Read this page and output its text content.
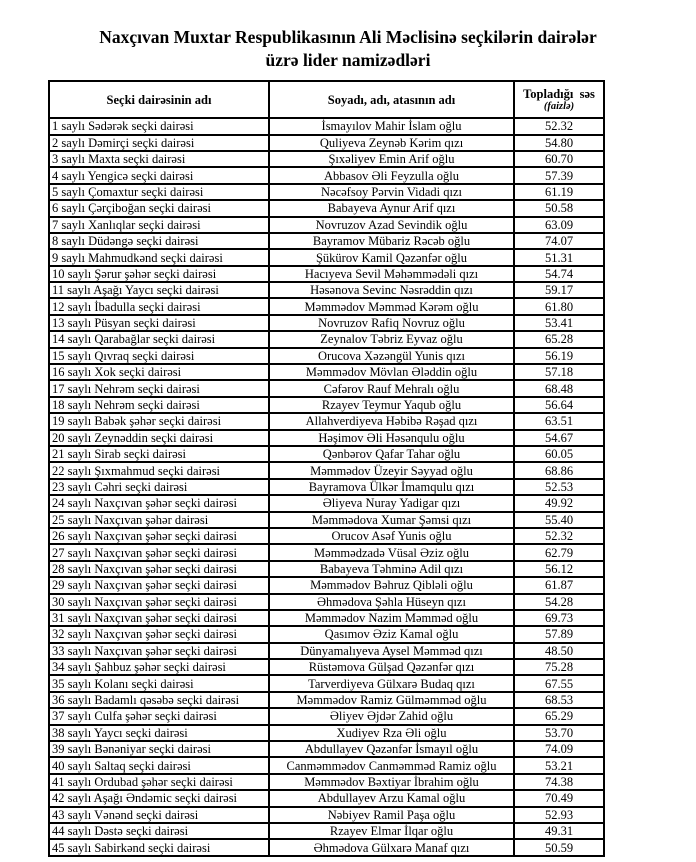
Naxçıvan Muxtar Respublikasının Ali Məclisinə seçkilərin dairələr üzrə lider namizədləri
Seçki dairəsinin adı	Soyadı, adı, atasının adı	Topladığı  səs
(faizlə)

1 saylı Sədərək seçki dairəsi	İsmayılov Mahir İslam oğlu	52.32
2 saylı Dəmirçi seçki dairəsi	Quliyeva Zeynəb Kərim qızı	54.80
3 saylı Maxta seçki dairəsi	Şıxəliyev Emin Arif oğlu	60.70
4 saylı Yengicə seçki dairəsi	Abbasov Əli Feyzulla oğlu	57.39
5 saylı Çomaxtur seçki dairəsi	Nəcəfsoy Pərvin Vidadi qızı	61.19
6 saylı Çərçiboğan seçki dairəsi	Babayeva Aynur Arif qızı	50.58
7 saylı Xanlıqlar seçki dairəsi	Novruzov Azad Sevindik oğlu	63.09
8 saylı Düdəngə seçki dairəsi	Bayramov Mübariz Rəcəb oğlu	74.07
9 saylı Mahmudkənd seçki dairəsi	Şükürov Kamil Qəzənfər oğlu	51.31
10 saylı Şərur şəhər seçki dairəsi	Hacıyeva Sevil Məhəmmədəli qızı	54.74
11 saylı Aşağı Yaycı seçki dairəsi	Həsənova Sevinc Nəsrəddin qızı	59.17
12 saylı İbadulla seçki dairəsi	Məmmədov Məmməd Kərəm oğlu	61.80
13 saylı Püsyan seçki dairəsi	Novruzov Rafiq Novruz oğlu	53.41
14 saylı Qarabağlar seçki dairəsi	Zeynalov Təbriz Eyvaz oğlu	65.28
15 saylı Qıvraq seçki dairəsi	Orucova Xəzəngül Yunis qızı	56.19
16 saylı Xok seçki dairəsi	Məmmədov Mövlan Ələddin oğlu	57.18
17 saylı Nehrəm seçki dairəsi	Cəfərov Rauf Mehralı oğlu	68.48
18 saylı Nehrəm seçki dairəsi	Rzayev Teymur Yaqub oğlu	56.64
19 saylı Babək şəhər seçki dairəsi	Allahverdiyeva Həbibə Rəşad qızı	63.51
20 saylı Zeynəddin seçki dairəsi	Həşimov Əli Həsənqulu oğlu	54.67
21 saylı Sirab seçki dairəsi	Qənbərov Qafar Tahar oğlu	60.05
22 saylı Şıxmahmud seçki dairəsi	Məmmədov Üzeyir Səyyad oğlu	68.86
23 saylı Cəhri seçki dairəsi	Bayramova Ülkər İmamqulu qızı	52.53
24 saylı Naxçıvan şəhər seçki dairəsi	Əliyeva Nuray Yadigar qızı	49.92
25 saylı Naxçıvan şəhər dairəsi	Məmmədova Xumar Şəmsi qızı	55.40
26 saylı Naxçıvan şəhər seçki dairəsi	Orucov Asəf Yunis oğlu	52.32
27 saylı Naxçıvan şəhər seçki dairəsi	Məmmədzadə Vüsal Əziz oğlu	62.79
28 saylı Naxçıvan şəhər seçki dairəsi	Babayeva Təhminə Adil qızı	56.12
29 saylı Naxçıvan şəhər seçki dairəsi	Məmmədov Bəhruz Qibləli oğlu	61.87
30 saylı Naxçıvan şəhər seçki dairəsi	Əhmədova Şəhla Hüseyn qızı	54.28
31 saylı Naxçıvan şəhər seçki dairəsi	Məmmədov Nazim Məmməd oğlu	69.73
32 saylı Naxçıvan şəhər seçki dairəsi	Qasımov Əziz Kamal oğlu	57.89
33 saylı Naxçıvan şəhər seçki dairəsi	Dünyamalıyeva Aysel Məmməd qızı	48.50
34 saylı Şahbuz şəhər seçki dairəsi	Rüstəmova Gülşad Qəzənfər qızı	75.28
35 saylı Kolanı seçki dairəsi	Tarverdiyeva Gülxarə Budaq qızı	67.55
36 saylı Badamlı qəsəbə seçki dairəsi	Məmmədov Ramiz Gülməmməd oğlu	68.53
37 saylı Culfa şəhər seçki dairəsi	Əliyev Əjdər Zahid oğlu	65.29
38 saylı Yaycı seçki dairəsi	Xudiyev Rza Əli oğlu	53.70
39 saylı Bənəniyar seçki dairəsi	Abdullayev Qəzənfər İsmayıl oğlu	74.09
40 saylı Saltaq seçki dairəsi	Canməmmədov Canməmməd Ramiz oğlu	53.21
41 saylı Ordubad şəhər seçki dairəsi	Məmmədov Bəxtiyar İbrahim oğlu	74.38
42 saylı Aşağı Əndəmic seçki dairəsi	Abdullayev Arzu Kamal oğlu	70.49
43 saylı Vənənd seçki dairəsi	Nəbiyev Ramil Paşa oğlu	52.93
44 saylı Dəstə seçki dairəsi	Rzayev Elmar İlqar oğlu	49.31
45 saylı Sabirkənd seçki dairəsi	Əhmədova Gülxarə Manaf qızı	50.59
